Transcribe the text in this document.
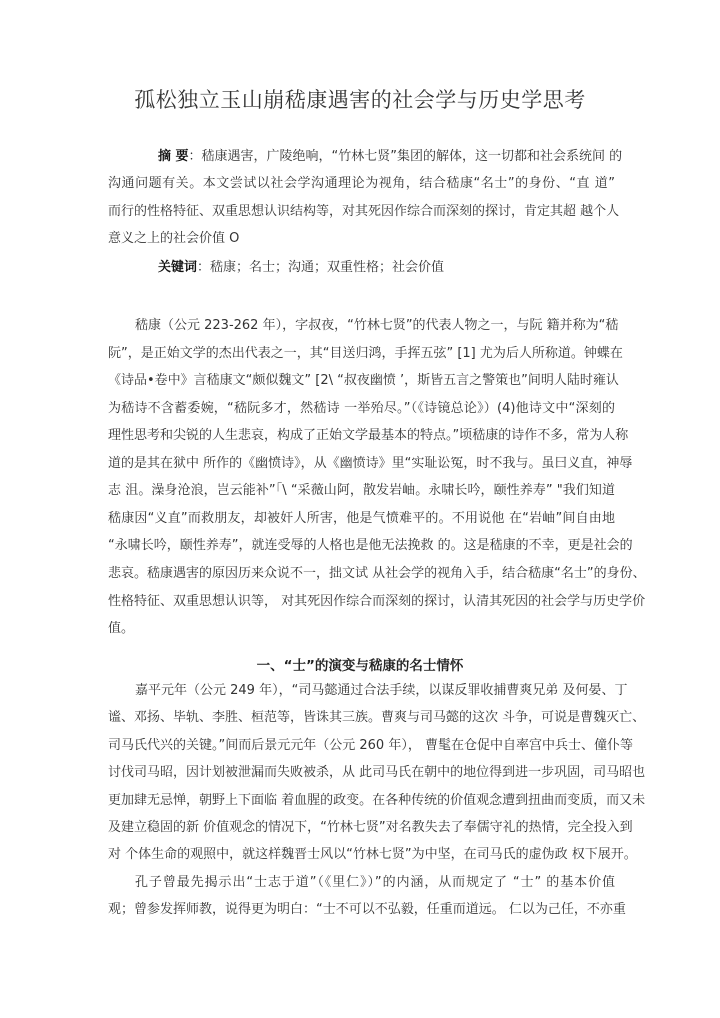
孤松独立玉山崩嵇康遇害的社会学与历史学思考
摘 要：嵇康遇害，广陵绝响，“竹林七贤”集团的解体，这一切都和社会系统间 的
沟通问题有关。本文尝试以社会学沟通理论为视角，结合嵇康“名士”的身份、“直 道”
而行的性格特征、双重思想认识结构等，对其死因作综合而深刻的探讨，肯定其超 越个人
意义之上的社会价值 O
关键词：嵇康；名士；沟通；双重性格；社会价值
嵇康（公元 223-262 年），字叔夜，“竹林七贤”的代表人物之一，与阮 籍并称为“嵇
阮”，是正始文学的杰出代表之一，其“目送归鸿，手挥五弦” [1] 尤为后人所称道。钟蝶在
《诗品•卷中》言嵇康文“颇似魏文” [2\ “叔夜幽愤 ’，斯皆五言之警策也”间明人陆时雍认
为嵇诗不含蓄委婉，“嵇阮多才，然嵇诗 一举殆尽。”（《诗镜总论》）(4)他诗文中“深刻的
理性思考和尖锐的人生悲哀，构成了正始文学最基本的特点。”顷嵇康的诗作不多，常为人称
道的是其在狱中 所作的《幽愤诗》，从《幽愤诗》里“实耻讼冤，时不我与。虽曰义直，神辱
志 沮。澡身沧浪，岂云能补”「\ “采薇山阿，散发岩岫。永啸长吟，颐性养寿” "我们知道
嵇康因“义直”而救朋友，却被奸人所害，他是气愤难平的。不用说他 在“岩岫”间自由地
“永啸长吟，颐性养寿”，就连受辱的人格也是他无法挽救 的。这是嵇康的不幸，更是社会的
悲哀。嵇康遇害的原因历来众说不一，拙文试 从社会学的视角入手，结合嵇康“名士”的身份、
性格特征、双重思想认识等， 对其死因作综合而深刻的探讨，认清其死因的社会学与历史学价
值。
嘉平元年（公元 249 年），“司马懿通过合法手续，以谋反罪收捕曹爽兄弟 及何晏、丁
谧、邓扬、毕轨、李胜、桓范等，皆诛其三族。曹爽与司马懿的这次 斗争，可说是曹魏灭亡、
司马氏代兴的关键。”间而后景元元年（公元 260 年）， 曹髦在仓促中自率宫中兵士、僮仆等
讨伐司马昭，因计划被泄漏而失败被杀，从 此司马氏在朝中的地位得到进一步巩固，司马昭也
更加肆无忌惮，朝野上下面临 着血腥的政变。在各种传统的价值观念遭到扭曲而变质，而又未
及建立稳固的新 价值观念的情况下，“竹林七贤”对名教失去了奉儒守礼的热情，完全投入到
对 个体生命的观照中，就这样魏晋士风以“竹林七贤”为中坚，在司马氏的虚伪政 权下展开。
孔子曾最先揭示出“士志于道”（《里仁》）”的内涵，从而规定了 “士” 的基本价值
观；曾参发挥师教，说得更为明白：“士不可以不弘毅，任重而道远。 仁以为己任，不亦重
一、“士”的演变与嵇康的名士情怀
